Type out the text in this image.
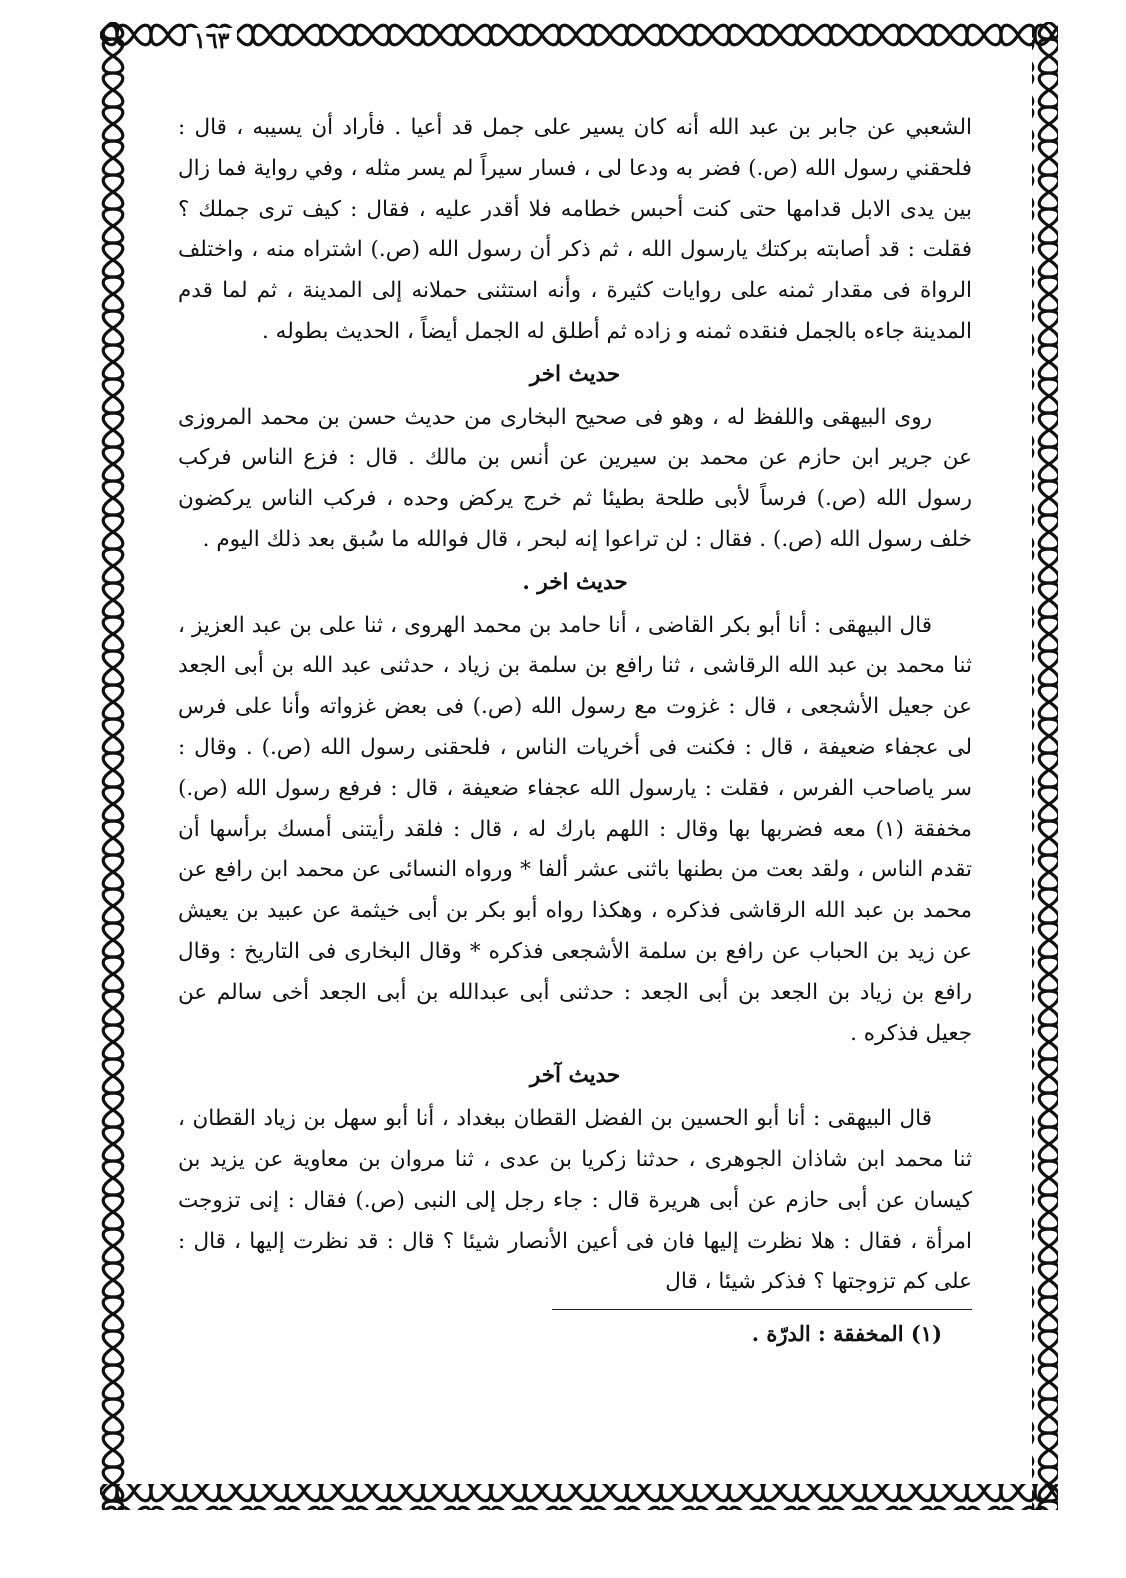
١٦٣

الشعبي عن جابر بن عبد الله أنه كان يسير على جمل قد أعيا . فأراد أن يسيبه ، قال : فلحقني رسول الله (ص.) فضر به ودعا لى ، فسار سيراً لم يسر مثله ، وفي رواية فما زال بين يدى الابل قدامها حتى كنت أحبس خطامه فلا أقدر عليه ، فقال : كيف ترى جملك ؟ فقلت : قد أصابته بركتك يارسول الله ، ثم ذكر أن رسول الله (ص.) اشتراه منه ، واختلف الرواة فى مقدار ثمنه على روايات كثيرة ، وأنه استثنى حملانه إلى المدينة ، ثم لما قدم المدينة جاءه بالجمل فنقده ثمنه و زاده ثم أطلق له الجمل أيضاً ، الحديث بطوله .

حديث اخر

روى البيهقى واللفظ له ، وهو فى صحيح البخارى من حديث حسن بن محمد المروزى عن جرير ابن حازم عن محمد بن سيرين عن أنس بن مالك . قال : فزع الناس فركب رسول الله (ص.) فرساً لأبى طلحة بطيئا ثم خرج يركض وحده ، فركب الناس يركضون خلف رسول الله (ص.) . فقال : لن تراعوا إنه لبحر ، قال فوالله ما سُبق بعد ذلك اليوم .

حديث اخر .

قال البيهقى : أنا أبو بكر القاضى ، أنا حامد بن محمد الهروى ، ثنا على بن عبد العزيز ، ثنا محمد بن عبد الله الرقاشى ، ثنا رافع بن سلمة بن زياد ، حدثنى عبد الله بن أبى الجعد عن جعيل الأشجعى ، قال : غزوت مع رسول الله (ص.) فى بعض غزواته وأنا على فرس لى عجفاء ضعيفة ، قال : فكنت فى أخريات الناس ، فلحقنى رسول الله (ص.) . وقال : سر ياصاحب الفرس ، فقلت : يارسول الله عجفاء ضعيفة ، قال : فرفع رسول الله (ص.) مخفقة (١) معه فضربها بها وقال : اللهم بارك له ، قال : فلقد رأيتنى أمسك برأسها أن تقدم الناس ، ولقد بعت من بطنها باثنى عشر ألفا * ورواه النسائى عن محمد ابن رافع عن محمد بن عبد الله الرقاشى فذكره ، وهكذا رواه أبو بكر بن أبى خيثمة عن عبيد بن يعيش عن زيد بن الحباب عن رافع بن سلمة الأشجعى فذكره * وقال البخارى فى التاريخ : وقال رافع بن زياد بن الجعد بن أبى الجعد : حدثنى أبى عبدالله بن أبى الجعد أخى سالم عن جعيل فذكره .

حديث آخر

قال البيهقى : أنا أبو الحسين بن الفضل القطان ببغداد ، أنا أبو سهل بن زياد القطان ، ثنا محمد ابن شاذان الجوهرى ، حدثنا زكريا بن عدى ، ثنا مروان بن معاوية عن يزيد بن كيسان عن أبى حازم عن أبى هريرة قال : جاء رجل إلى النبى (ص.) فقال : إنى تزوجت امرأة ، فقال : هلا نظرت إليها فان فى أعين الأنصار شيئا ؟ قال : قد نظرت إليها ، قال : على كم تزوجتها ؟ فذكر شيئا ، قال

(١) المخفقة : الدرّة .
